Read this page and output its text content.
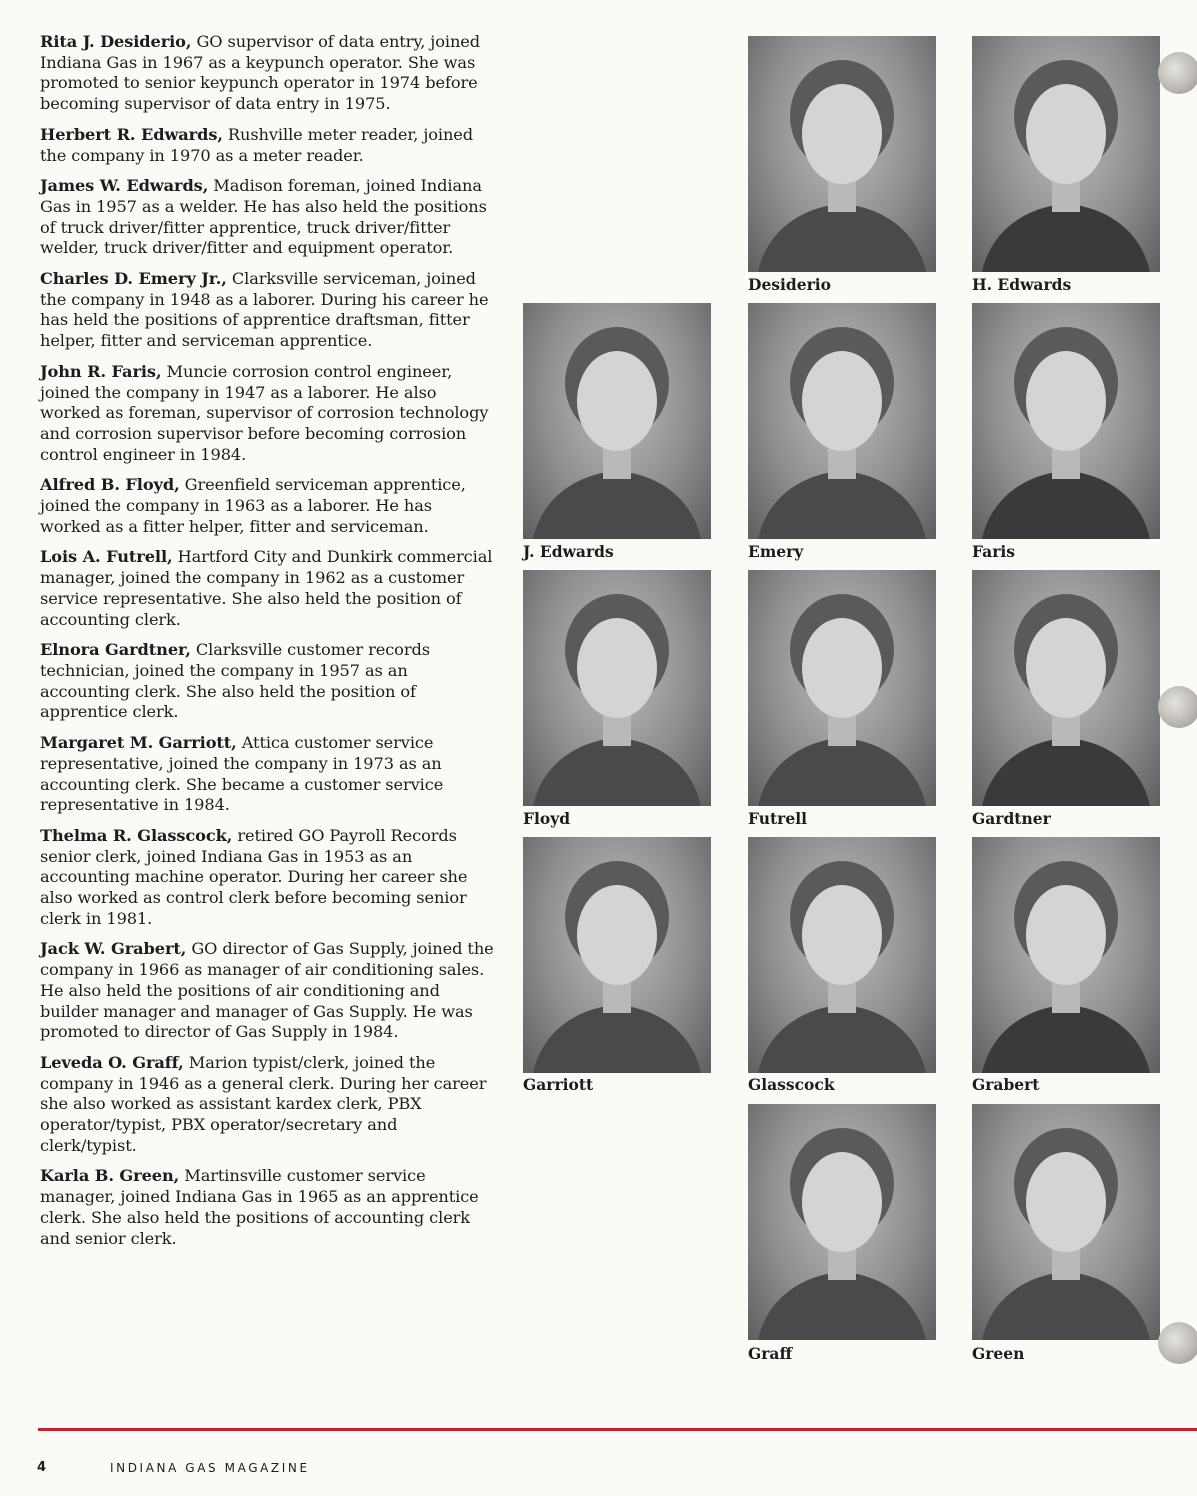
Rita J. Desiderio, GO supervisor of data entry, joined Indiana Gas in 1967 as a keypunch operator. She was promoted to senior keypunch operator in 1974 before becoming supervisor of data entry in 1975.

Herbert R. Edwards, Rushville meter reader, joined the company in 1970 as a meter reader.

James W. Edwards, Madison foreman, joined Indiana Gas in 1957 as a welder. He has also held the positions of truck driver/fitter apprentice, truck driver/fitter welder, truck driver/fitter and equipment operator.

Charles D. Emery Jr., Clarksville serviceman, joined the company in 1948 as a laborer. During his career he has held the positions of apprentice draftsman, fitter helper, fitter and serviceman apprentice.

John R. Faris, Muncie corrosion control engineer, joined the company in 1947 as a laborer. He also worked as foreman, supervisor of corrosion technology and corrosion supervisor before becoming corrosion control engineer in 1984.

Alfred B. Floyd, Greenfield serviceman apprentice, joined the company in 1963 as a laborer. He has worked as a fitter helper, fitter and serviceman.

Lois A. Futrell, Hartford City and Dunkirk commercial manager, joined the company in 1962 as a customer service representative. She also held the position of accounting clerk.

Elnora Gardtner, Clarksville customer records technician, joined the company in 1957 as an accounting clerk. She also held the position of apprentice clerk.

Margaret M. Garriott, Attica customer service representative, joined the company in 1973 as an accounting clerk. She became a customer service representative in 1984.

Thelma R. Glasscock, retired GO Payroll Records senior clerk, joined Indiana Gas in 1953 as an accounting machine operator. During her career she also worked as control clerk before becoming senior clerk in 1981.

Jack W. Grabert, GO director of Gas Supply, joined the company in 1966 as manager of air conditioning sales. He also held the positions of air conditioning and builder manager and manager of Gas Supply. He was promoted to director of Gas Supply in 1984.

Leveda O. Graff, Marion typist/clerk, joined the company in 1946 as a general clerk. During her career she also worked as assistant kardex clerk, PBX operator/typist, PBX operator/secretary and clerk/typist.

Karla B. Green, Martinsville customer service manager, joined Indiana Gas in 1965 as an apprentice clerk. She also held the positions of accounting clerk and senior clerk.

Desiderio	H. Edwards
J. Edwards	Emery	Faris
Floyd	Futrell	Gardtner
Garriott	Glasscock	Grabert
Graff	Green
4	INDIANA GAS MAGAZINE
